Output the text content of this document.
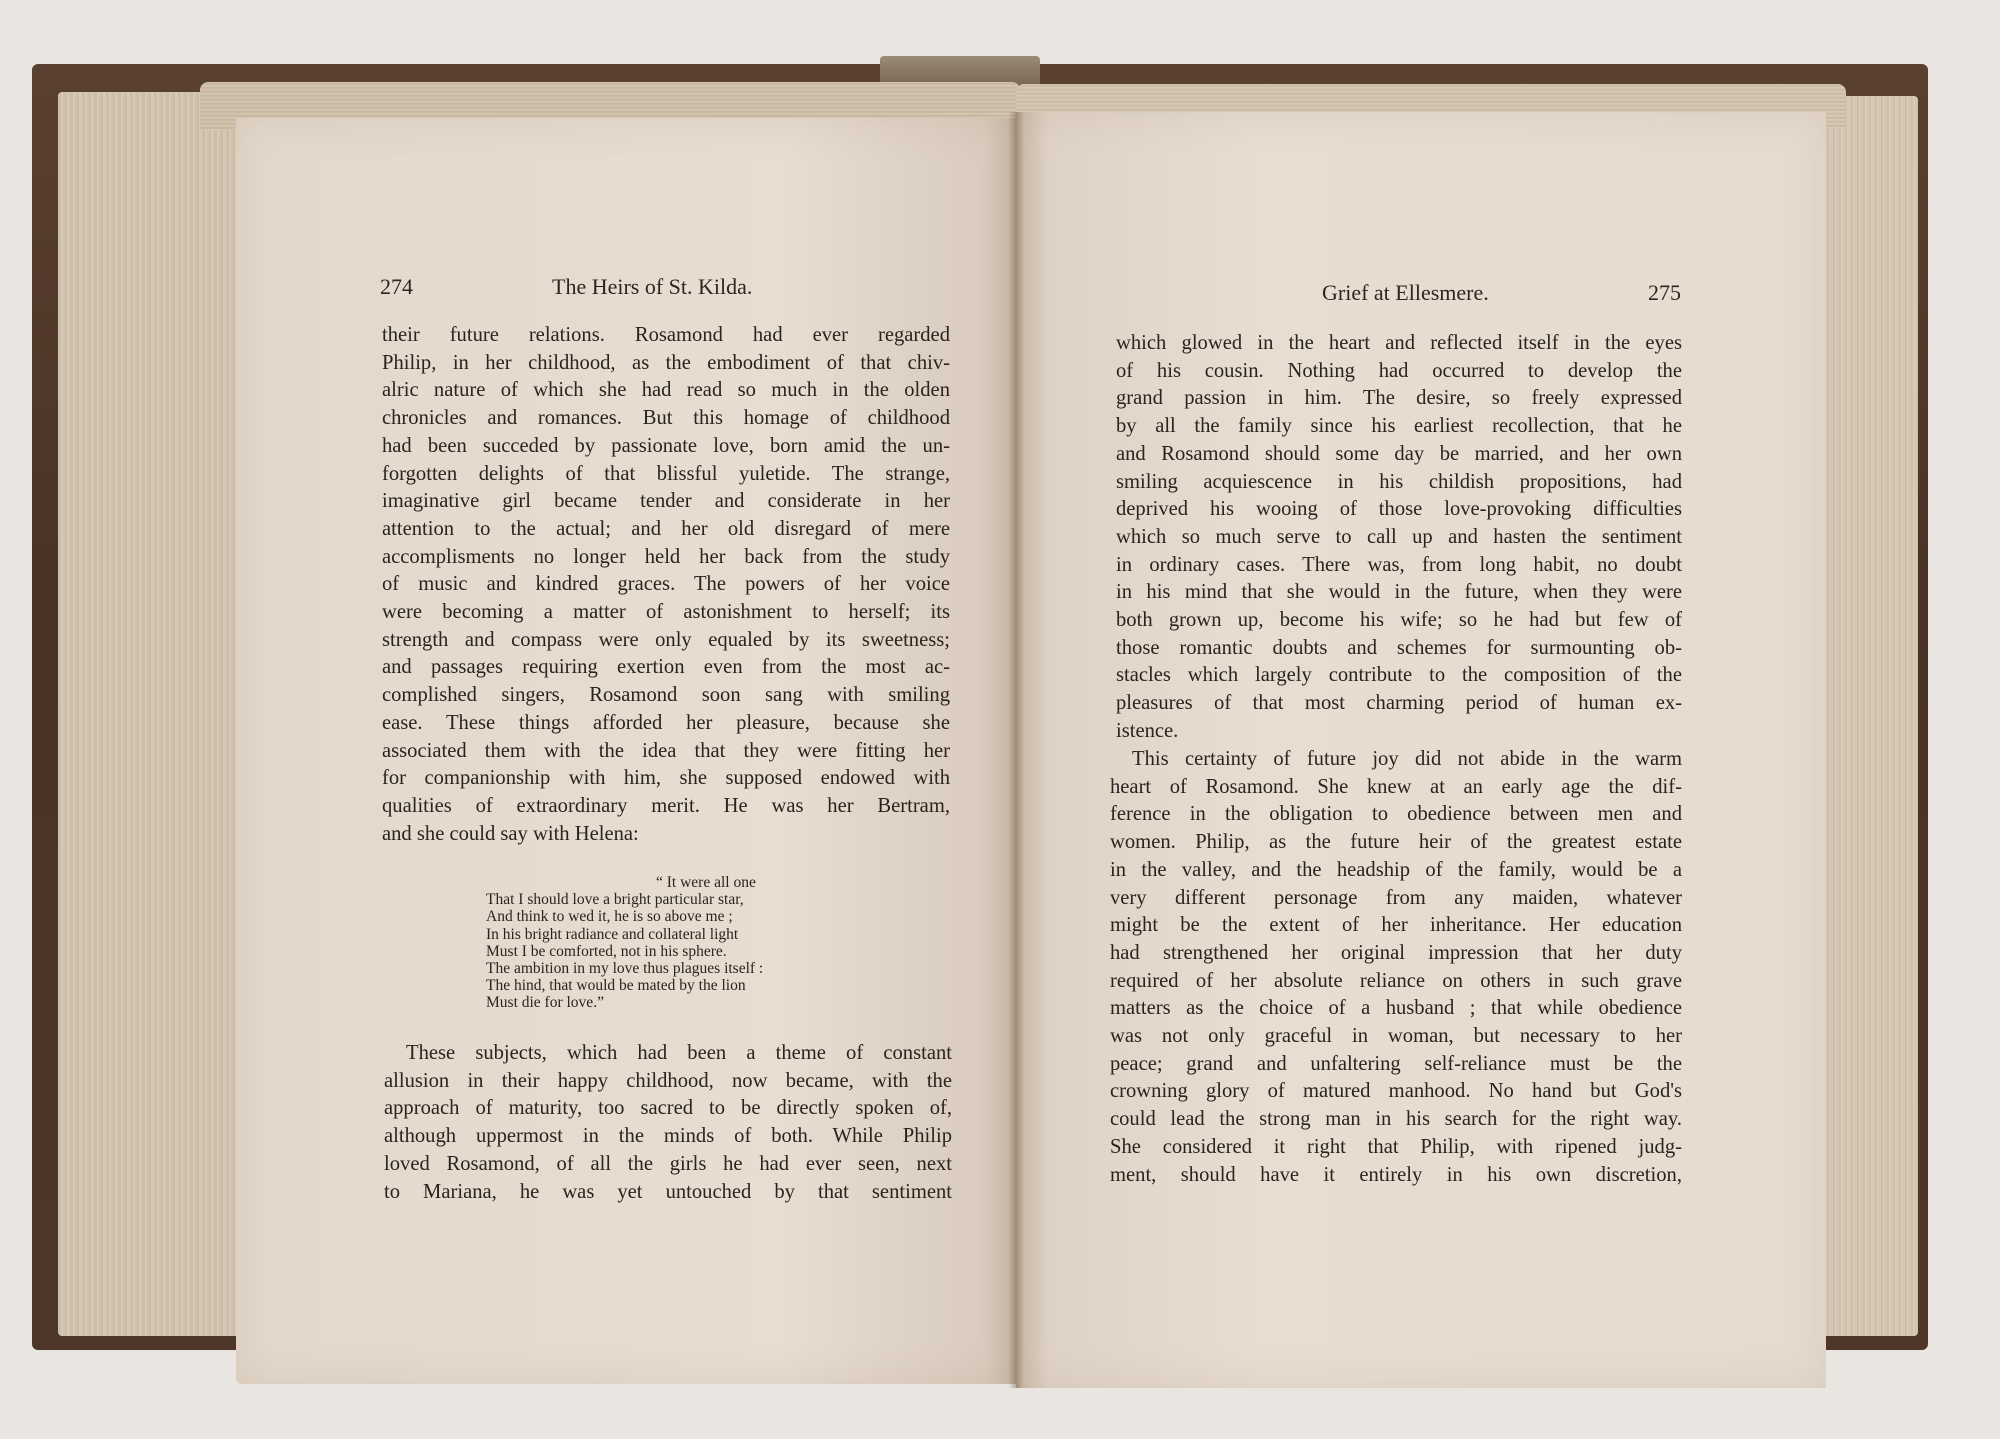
274	The Heirs of St. Kilda.

their future relations. Rosamond had ever regarded
Philip, in her childhood, as the embodiment of that chiv-
alric nature of which she had read so much in the olden
chronicles and romances. But this homage of childhood
had been succeded by passionate love, born amid the un-
forgotten delights of that blissful yuletide. The strange,
imaginative girl became tender and considerate in her
attention to the actual; and her old disregard of mere
accomplisments no longer held her back from the study
of music and kindred graces. The powers of her voice
were becoming a matter of astonishment to herself; its
strength and compass were only equaled by its sweetness;
and passages requiring exertion even from the most ac-
complished singers, Rosamond soon sang with smiling
ease. These things afforded her pleasure, because she
associated them with the idea that they were fitting her
for companionship with him, she supposed endowed with
qualities of extraordinary merit. He was her Bertram,
and she could say with Helena:

“ It were all one
That I should love a bright particular star,
And think to wed it, he is so above me ;
In his bright radiance and collateral light
Must I be comforted, not in his sphere.
The ambition in my love thus plagues itself :
The hind, that would be mated by the lion
Must die for love.”

These subjects, which had been a theme of constant
allusion in their happy childhood, now became, with the
approach of maturity, too sacred to be directly spoken of,
although uppermost in the minds of both. While Philip
loved Rosamond, of all the girls he had ever seen, next
to Mariana, he was yet untouched by that sentiment

Grief at Ellesmere.	275

which glowed in the heart and reflected itself in the eyes
of his cousin. Nothing had occurred to develop the
grand passion in him. The desire, so freely expressed
by all the family since his earliest recollection, that he
and Rosamond should some day be married, and her own
smiling acquiescence in his childish propositions, had
deprived his wooing of those love-provoking difficulties
which so much serve to call up and hasten the sentiment
in ordinary cases. There was, from long habit, no doubt
in his mind that she would in the future, when they were
both grown up, become his wife; so he had but few of
those romantic doubts and schemes for surmounting ob-
stacles which largely contribute to the composition of the
pleasures of that most charming period of human ex-
istence.

This certainty of future joy did not abide in the warm
heart of Rosamond. She knew at an early age the dif-
ference in the obligation to obedience between men and
women. Philip, as the future heir of the greatest estate
in the valley, and the headship of the family, would be a
very different personage from any maiden, whatever
might be the extent of her inheritance. Her education
had strengthened her original impression that her duty
required of her absolute reliance on others in such grave
matters as the choice of a husband ; that while obedience
was not only graceful in woman, but necessary to her
peace; grand and unfaltering self-reliance must be the
crowning glory of matured manhood. No hand but God's
could lead the strong man in his search for the right way.
She considered it right that Philip, with ripened judg-
ment, should have it entirely in his own discretion,
